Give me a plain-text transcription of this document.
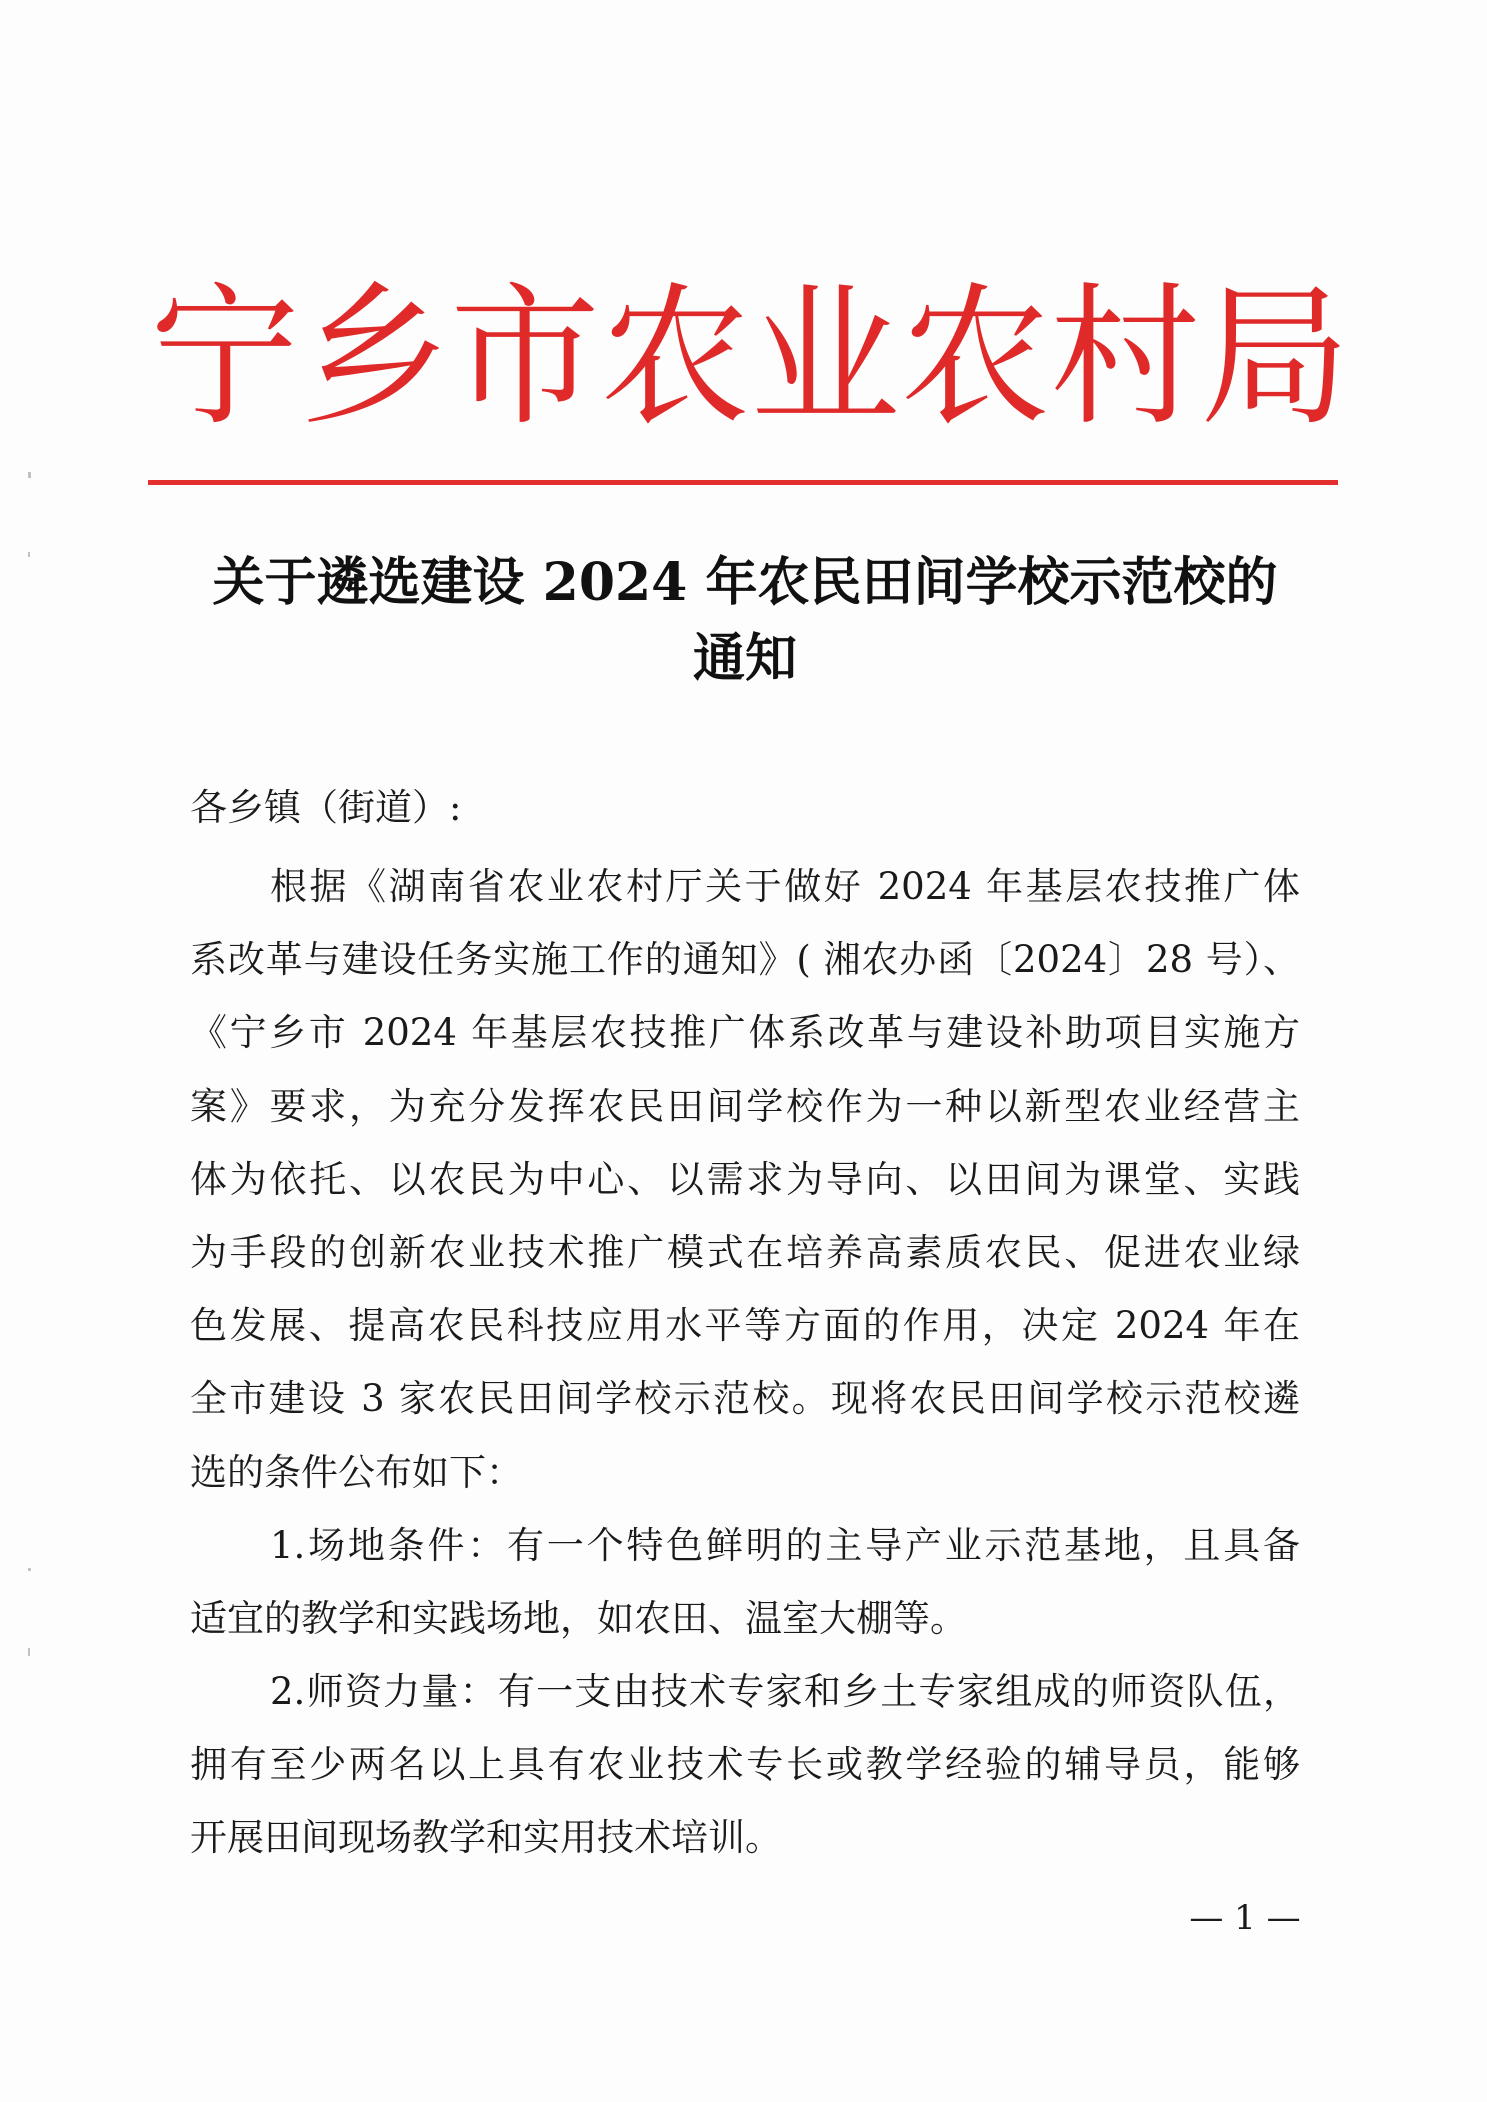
宁 乡 市 农 业 农 村 局
关于遴选建设 2024 年农民田间学校示范校的
通知
各乡镇（街道）:
根据《湖南省农业农村厅关于做好 2024 年基层农技推广体
系改革与建设任务实施工作的通知》( 湘农办函〔2024〕28 号）、
《宁乡市 2024 年基层农技推广体系改革与建设补助项目实施方
案》要求，为充分发挥农民田间学校作为一种以新型农业经营主
体为依托、以农民为中心、以需求为导向、以田间为课堂、实践
为手段的创新农业技术推广模式在培养高素质农民、促进农业绿
色发展、提高农民科技应用水平等方面的作用，决定 2024 年在
全市建设 3 家农民田间学校示范校。现将农民田间学校示范校遴
选的条件公布如下：
1.场地条件：有一个特色鲜明的主导产业示范基地，且具备
适宜的教学和实践场地，如农田、温室大棚等。
2.师资力量：有一支由技术专家和乡土专家组成的师资队伍，
拥有至少两名以上具有农业技术专长或教学经验的辅导员，能够
开展田间现场教学和实用技术培训。
— 1 —
